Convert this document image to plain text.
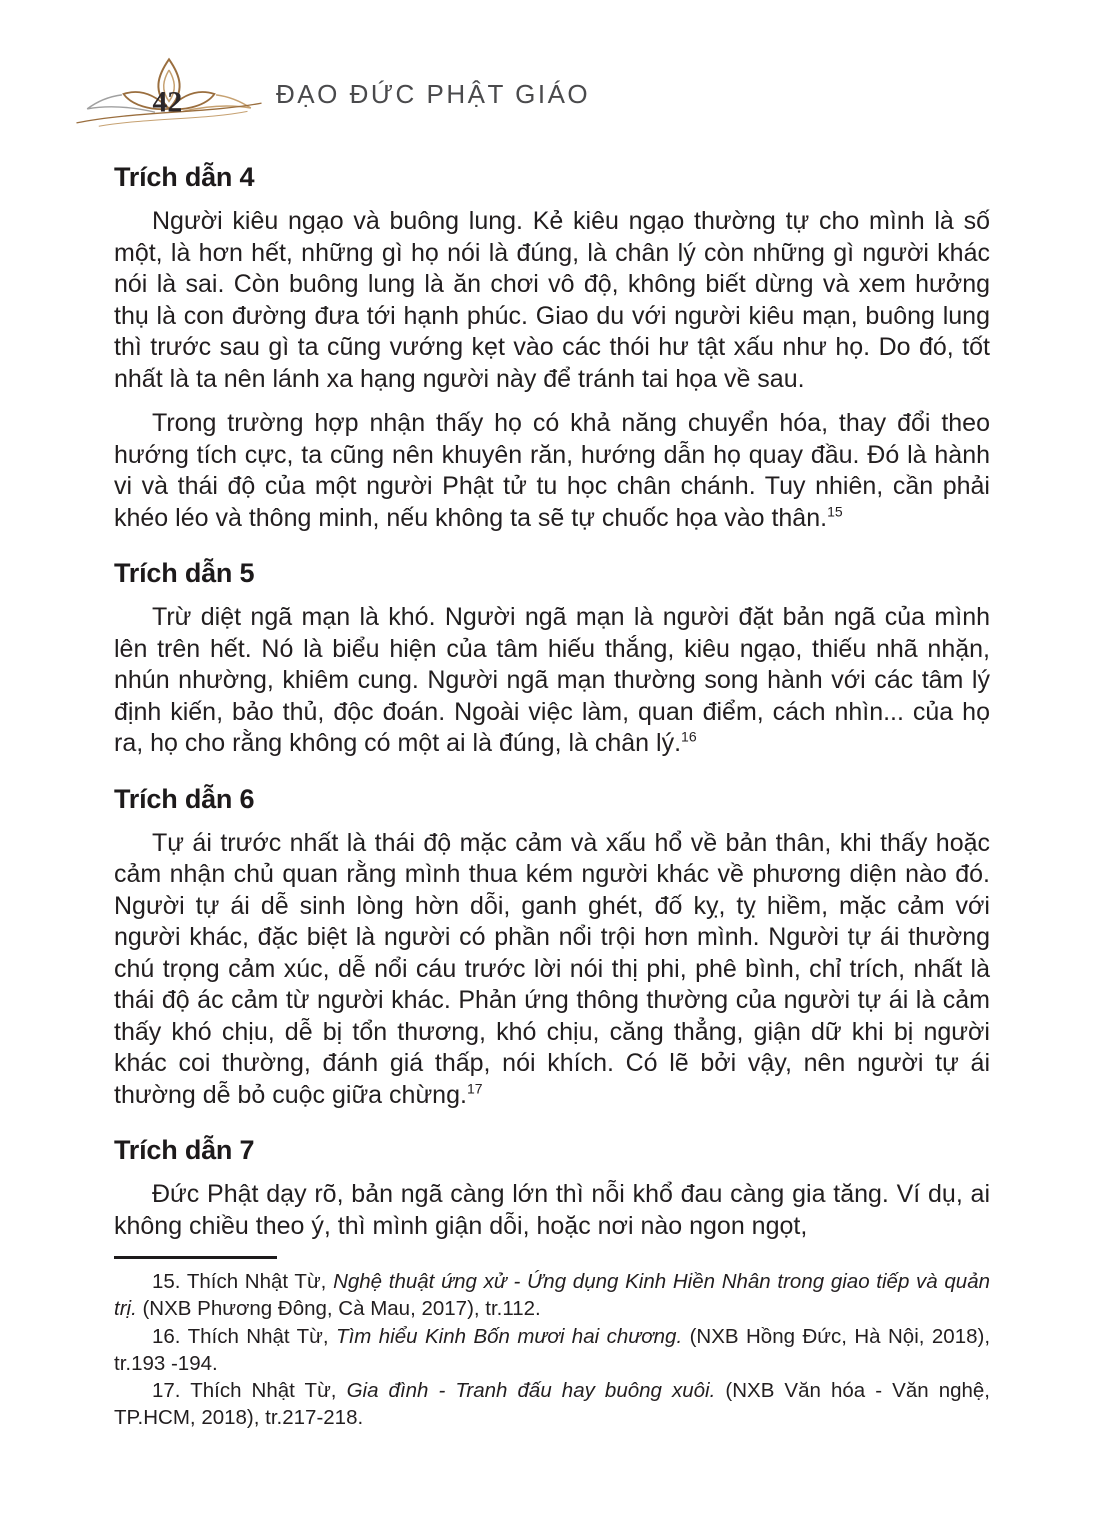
42	ĐẠO ĐỨC PHẬT GIÁO
Trích dẫn 4

Người kiêu ngạo và buông lung. Kẻ kiêu ngạo thường tự cho mình là số một, là hơn hết, những gì họ nói là đúng, là chân lý còn những gì người khác nói là sai. Còn buông lung là ăn chơi vô độ, không biết dừng và xem hưởng thụ là con đường đưa tới hạnh phúc. Giao du với người kiêu mạn, buông lung thì trước sau gì ta cũng vướng kẹt vào các thói hư tật xấu như họ. Do đó, tốt nhất là ta nên lánh xa hạng người này để tránh tai họa về sau.

Trong trường hợp nhận thấy họ có khả năng chuyển hóa, thay đổi theo hướng tích cực, ta cũng nên khuyên răn, hướng dẫn họ quay đầu. Đó là hành vi và thái độ của một người Phật tử tu học chân chánh. Tuy nhiên, cần phải khéo léo và thông minh, nếu không ta sẽ tự chuốc họa vào thân.$^{15}$

Trích dẫn 5

Trừ diệt ngã mạn là khó. Người ngã mạn là người đặt bản ngã của mình lên trên hết. Nó là biểu hiện của tâm hiếu thắng, kiêu ngạo, thiếu nhã nhặn, nhún nhường, khiêm cung. Người ngã mạn thường song hành với các tâm lý định kiến, bảo thủ, độc đoán. Ngoài việc làm, quan điểm, cách nhìn... của họ ra, họ cho rằng không có một ai là đúng, là chân lý.$^{16}$

Trích dẫn 6

Tự ái trước nhất là thái độ mặc cảm và xấu hổ về bản thân, khi thấy hoặc cảm nhận chủ quan rằng mình thua kém người khác về phương diện nào đó. Người tự ái dễ sinh lòng hờn dỗi, ganh ghét, đố kỵ, tỵ hiềm, mặc cảm với người khác, đặc biệt là người có phần nổi trội hơn mình. Người tự ái thường chú trọng cảm xúc, dễ nổi cáu trước lời nói thị phi, phê bình, chỉ trích, nhất là thái độ ác cảm từ người khác. Phản ứng thông thường của người tự ái là cảm thấy khó chịu, dễ bị tổn thương, khó chịu, căng thẳng, giận dữ khi bị người khác coi thường, đánh giá thấp, nói khích. Có lẽ bởi vậy, nên người tự ái thường dễ bỏ cuộc giữa chừng.$^{17}$

Trích dẫn 7

Đức Phật dạy rõ, bản ngã càng lớn thì nỗi khổ đau càng gia tăng. Ví dụ, ai không chiều theo ý, thì mình giận dỗi, hoặc nơi nào ngon ngọt,

15. Thích Nhật Từ, Nghệ thuật ứng xử - Ứng dụng Kinh Hiền Nhân trong giao tiếp và quản trị. (NXB Phương Đông, Cà Mau, 2017), tr.112.

16. Thích Nhật Từ, Tìm hiểu Kinh Bốn mươi hai chương. (NXB Hồng Đức, Hà Nội, 2018), tr.193 -194.

17. Thích Nhật Từ, Gia đình - Tranh đấu hay buông xuôi. (NXB Văn hóa - Văn nghệ, TP.HCM, 2018), tr.217-218.
